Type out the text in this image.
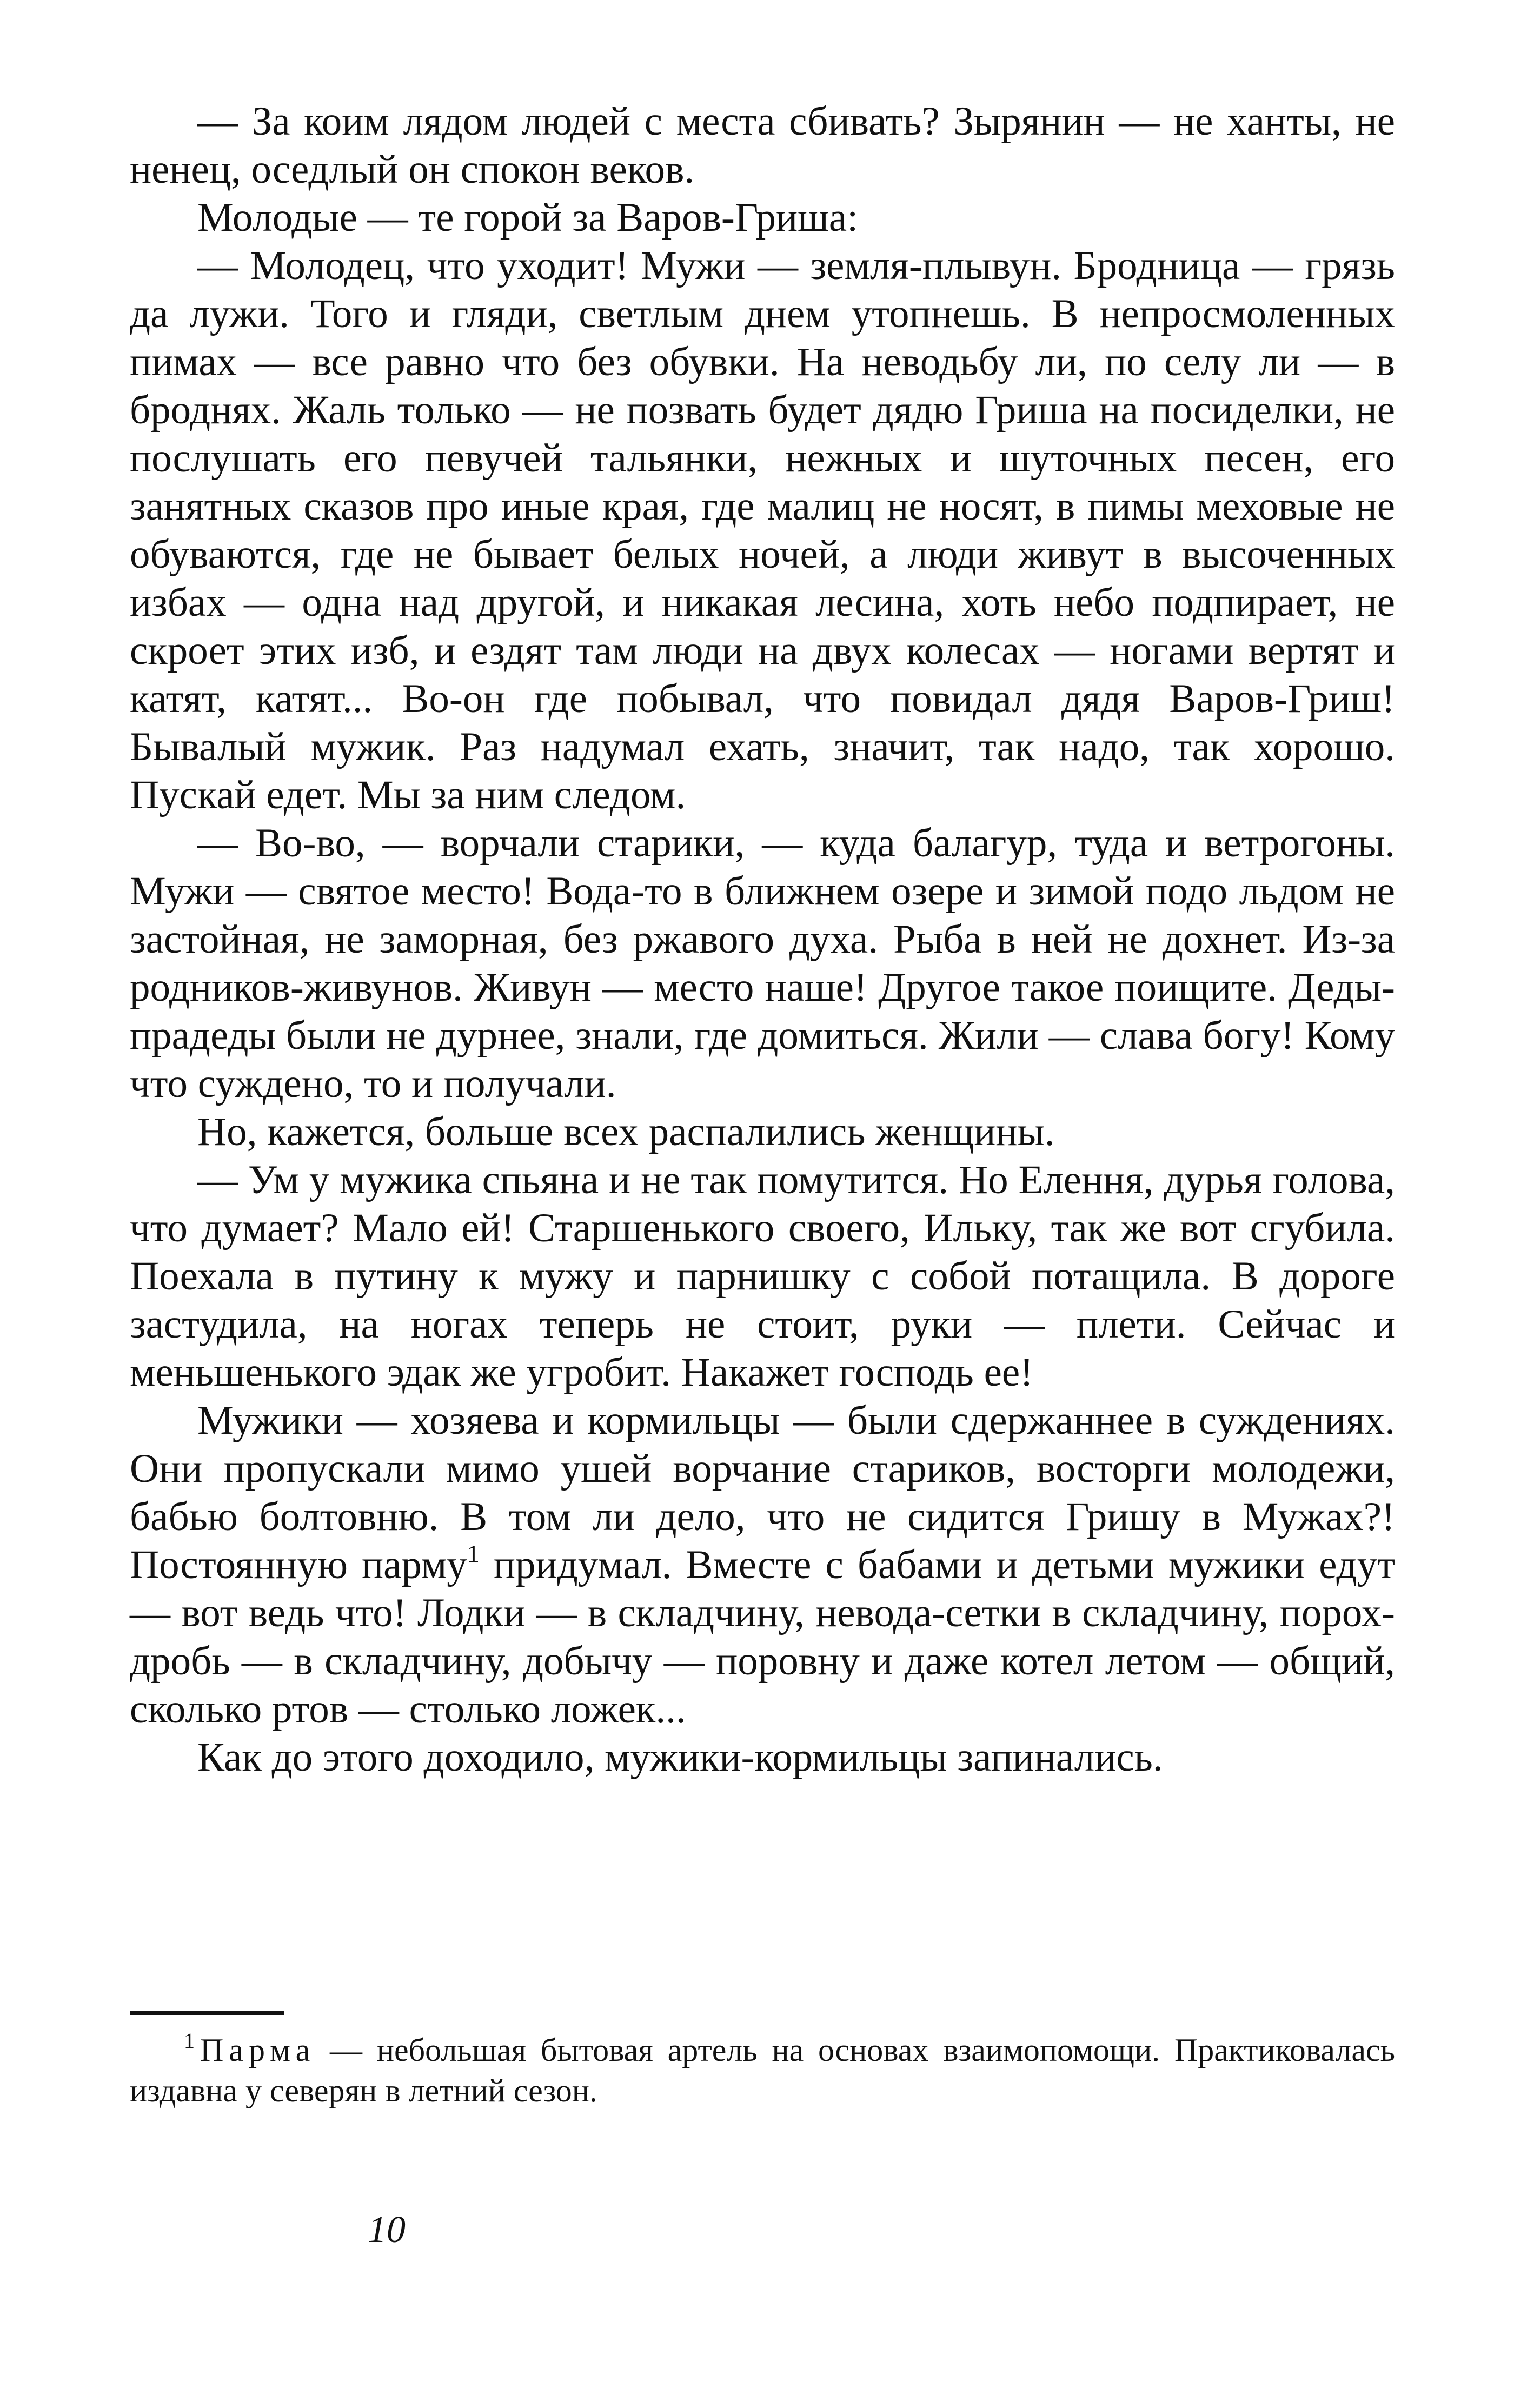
— За коим лядом людей с места сбивать? Зырянин — не ханты, не ненец, оседлый он спокон веков.

Молодые — те горой за Варов-Гриша:

— Молодец, что уходит! Мужи — земля-плывун. Бродница — грязь да лужи. Того и гляди, светлым днем утопнешь. В непросмоленных пимах — все равно что без обувки. На неводьбу ли, по селу ли — в броднях. Жаль только — не позвать будет дядю Гриша на посиделки, не послушать его певучей тальянки, нежных и шуточных песен, его занятных сказов про иные края, где малиц не носят, в пимы меховые не обуваются, где не бывает белых ночей, а люди живут в высоченных избах — одна над другой, и никакая лесина, хоть небо подпирает, не скроет этих изб, и ездят там люди на двух колесах — ногами вертят и катят, катят... Во-он где побывал, что повидал дядя Варов-Гриш! Бывалый мужик. Раз надумал ехать, значит, так надо, так хорошо. Пускай едет. Мы за ним следом.

— Во-во, — ворчали старики, — куда балагур, туда и ветрогоны. Мужи — святое место! Вода-то в ближнем озере и зимой подо льдом не застойная, не заморная, без ржавого духа. Рыба в ней не дохнет. Из-за родников-живунов. Живун — место наше! Другое такое поищите. Деды-прадеды были не дурнее, знали, где домиться. Жили — слава богу! Кому что суждено, то и получали.

Но, кажется, больше всех распалились женщины.

— Ум у мужика спьяна и не так помутится. Но Елення, дурья голова, что думает? Мало ей! Старшенького своего, Ильку, так же вот сгубила. Поехала в путину к мужу и парнишку с собой потащила. В дороге застудила, на ногах теперь не стоит, руки — плети. Сейчас и меньшенького эдак же угробит. Накажет господь ее!

Мужики — хозяева и кормильцы — были сдержаннее в суждениях. Они пропускали мимо ушей ворчание стариков, восторги молодежи, бабью болтовню. В том ли дело, что не сидится Гришу в Мужах?! Постоянную парму$^1$ придумал. Вместе с бабами и детьми мужики едут — вот ведь что! Лодки — в складчину, невода-сетки в складчину, порох-дробь — в складчину, добычу — поровну и даже котел летом — общий, сколько ртов — столько ложек...

Как до этого доходило, мужики-кормильцы запинались.

$^1$ Парма — небольшая бытовая артель на основах взаимопомощи. Практиковалась издавна у северян в летний сезон.

10
